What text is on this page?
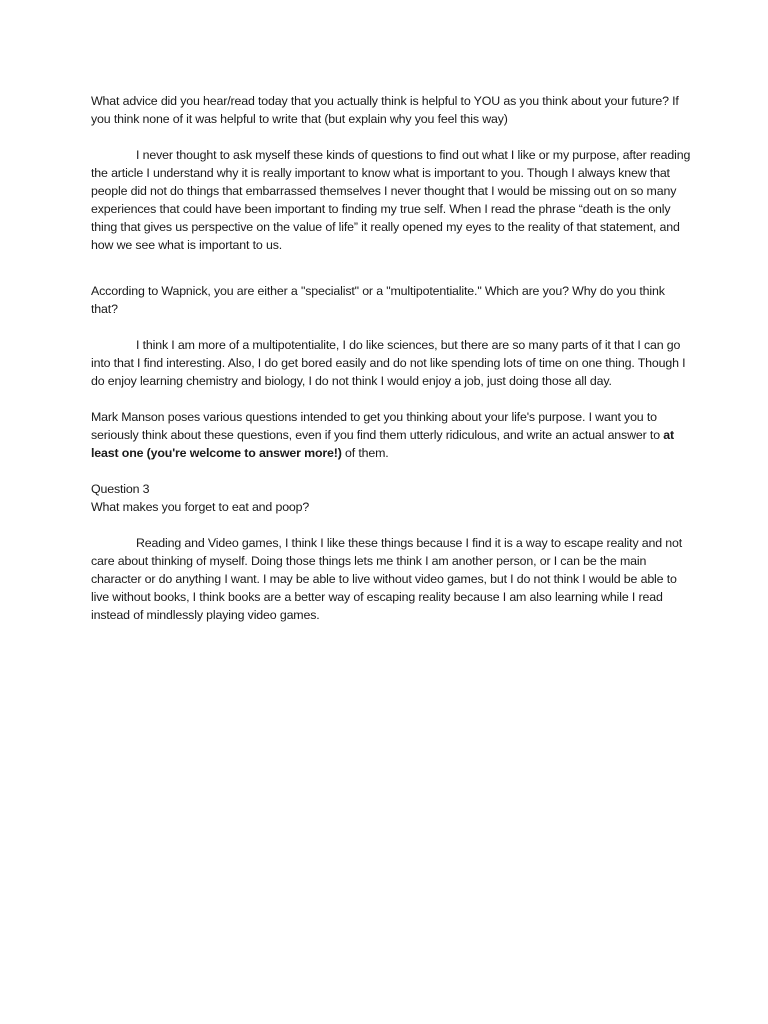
What advice did you hear/read today that you actually think is helpful to YOU as you think about your future? If you think none of it was helpful to write that (but explain why you feel this way)

I never thought to ask myself these kinds of questions to find out what I like or my purpose, after reading the article I understand why it is really important to know what is important to you. Though I always knew that people did not do things that embarrassed themselves I never thought that I would be missing out on so many experiences that could have been important to finding my true self. When I read the phrase “death is the only thing that gives us perspective on the value of life” it really opened my eyes to the reality of that statement, and how we see what is important to us.

According to Wapnick, you are either a "specialist" or a "multipotentialite." Which are you? Why do you think that?

I think I am more of a multipotentialite, I do like sciences, but there are so many parts of it that I can go into that I find interesting. Also, I do get bored easily and do not like spending lots of time on one thing. Though I do enjoy learning chemistry and biology, I do not think I would enjoy a job, just doing those all day.

Mark Manson poses various questions intended to get you thinking about your life's purpose. I want you to seriously think about these questions, even if you find them utterly ridiculous, and write an actual answer to at least one (you're welcome to answer more!) of them.

Question 3

What makes you forget to eat and poop?

Reading and Video games, I think I like these things because I find it is a way to escape reality and not care about thinking of myself. Doing those things lets me think I am another person, or I can be the main character or do anything I want. I may be able to live without video games, but I do not think I would be able to live without books, I think books are a better way of escaping reality because I am also learning while I read instead of mindlessly playing video games.
